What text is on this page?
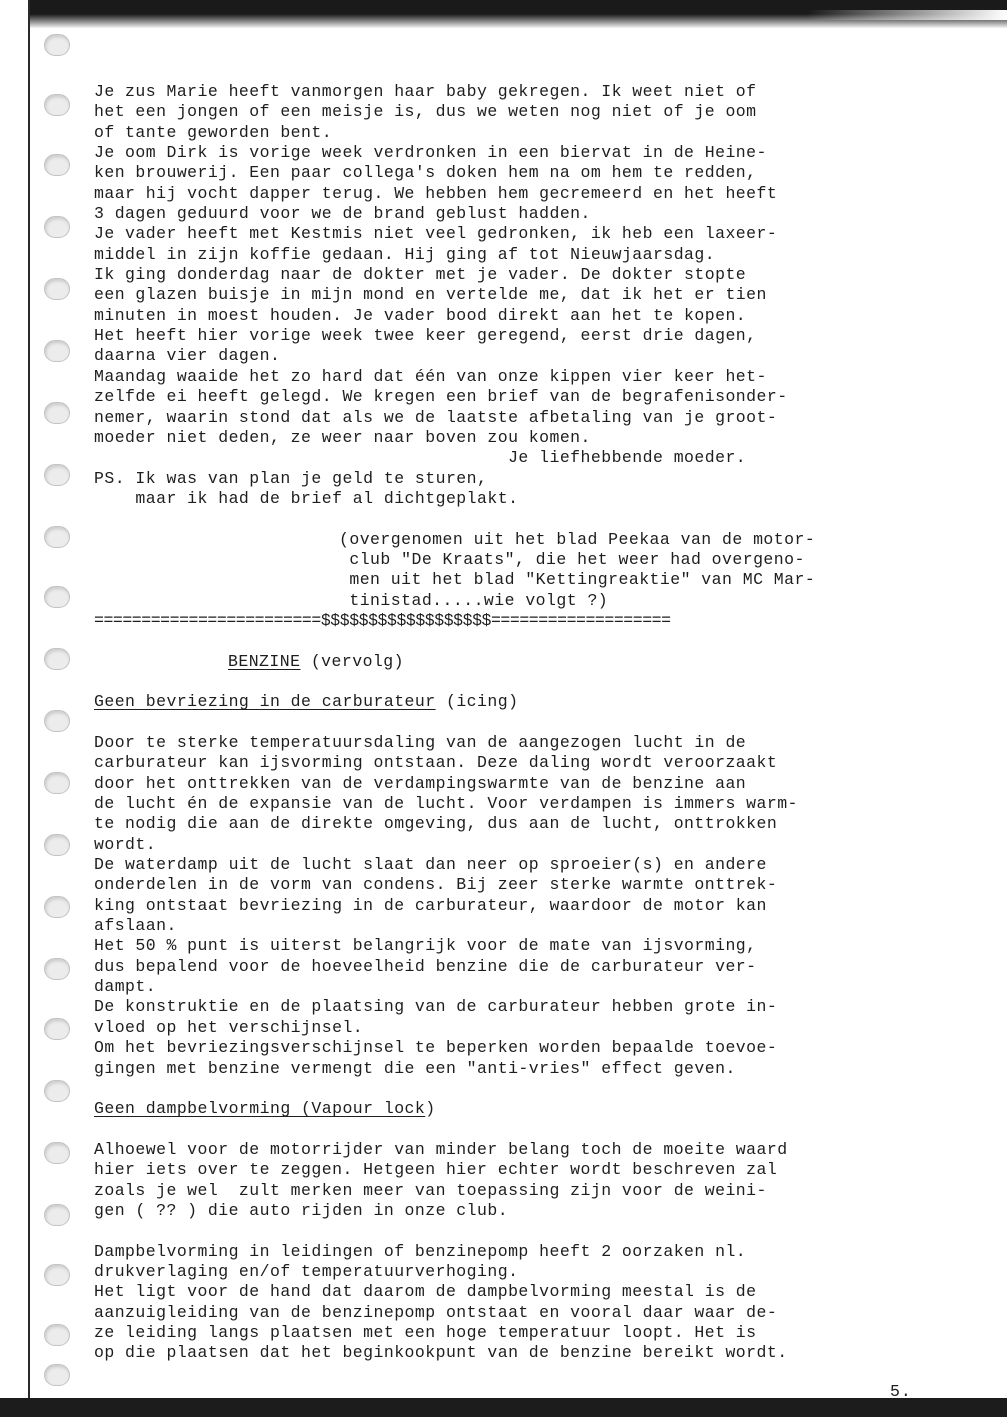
Je zus Marie heeft vanmorgen haar baby gekregen. Ik weet niet of
het een jongen of een meisje is, dus we weten nog niet of je oom
of tante geworden bent.
Je oom Dirk is vorige week verdronken in een biervat in de Heine-
ken brouwerij. Een paar collega's doken hem na om hem te redden,
maar hij vocht dapper terug. We hebben hem gecremeerd en het heeft
3 dagen geduurd voor we de brand geblust hadden.
Je vader heeft met Kestmis niet veel gedronken, ik heb een laxeer-
middel in zijn koffie gedaan. Hij ging af tot Nieuwjaarsdag.
Ik ging donderdag naar de dokter met je vader. De dokter stopte
een glazen buisje in mijn mond en vertelde me, dat ik het er tien
minuten in moest houden. Je vader bood direkt aan het te kopen.
Het heeft hier vorige week twee keer geregend, eerst drie dagen,
daarna vier dagen.
Maandag waaide het zo hard dat één van onze kippen vier keer het-
zelfde ei heeft gelegd. We kregen een brief van de begrafenisonder-
nemer, waarin stond dat als we de laatste afbetaling van je groot-
moeder niet deden, ze weer naar boven zou komen.
Je liefhebbende moeder.
PS. Ik was van plan je geld te sturen,
maar ik had de brief al dichtgeplakt.
(overgenomen uit het blad Peekaa van de motor-
club "De Kraats", die het weer had overgeno-
men uit het blad "Kettingreaktie" van MC Mar-
tinistad.....wie volgt ?)
========================$$$$$$$$$$$$$$$$$$===================
BENZINE (vervolg)
Geen bevriezing in de carburateur (icing)
Door te sterke temperatuursdaling van de aangezogen lucht in de
carburateur kan ijsvorming ontstaan. Deze daling wordt veroorzaakt
door het onttrekken van de verdampingswarmte van de benzine aan
de lucht én de expansie van de lucht. Voor verdampen is immers warm-
te nodig die aan de direkte omgeving, dus aan de lucht, onttrokken
wordt.
De waterdamp uit de lucht slaat dan neer op sproeier(s) en andere
onderdelen in de vorm van condens. Bij zeer sterke warmte onttrek-
king ontstaat bevriezing in de carburateur, waardoor de motor kan
afslaan.
Het 50 % punt is uiterst belangrijk voor de mate van ijsvorming,
dus bepalend voor de hoeveelheid benzine die de carburateur ver-
dampt.
De konstruktie en de plaatsing van de carburateur hebben grote in-
vloed op het verschijnsel.
Om het bevriezingsverschijnsel te beperken worden bepaalde toevoe-
gingen met benzine vermengt die een "anti-vries" effect geven.
Geen dampbelvorming (Vapour lock)
Alhoewel voor de motorrijder van minder belang toch de moeite waard
hier iets over te zeggen. Hetgeen hier echter wordt beschreven zal
zoals je wel  zult merken meer van toepassing zijn voor de weini-
gen ( ?? ) die auto rijden in onze club.
Dampbelvorming in leidingen of benzinepomp heeft 2 oorzaken nl.
drukverlaging en/of temperatuurverhoging.
Het ligt voor de hand dat daarom de dampbelvorming meestal is de
aanzuigleiding van de benzinepomp ontstaat en vooral daar waar de-
ze leiding langs plaatsen met een hoge temperatuur loopt. Het is
op die plaatsen dat het beginkookpunt van de benzine bereikt wordt.
5.
